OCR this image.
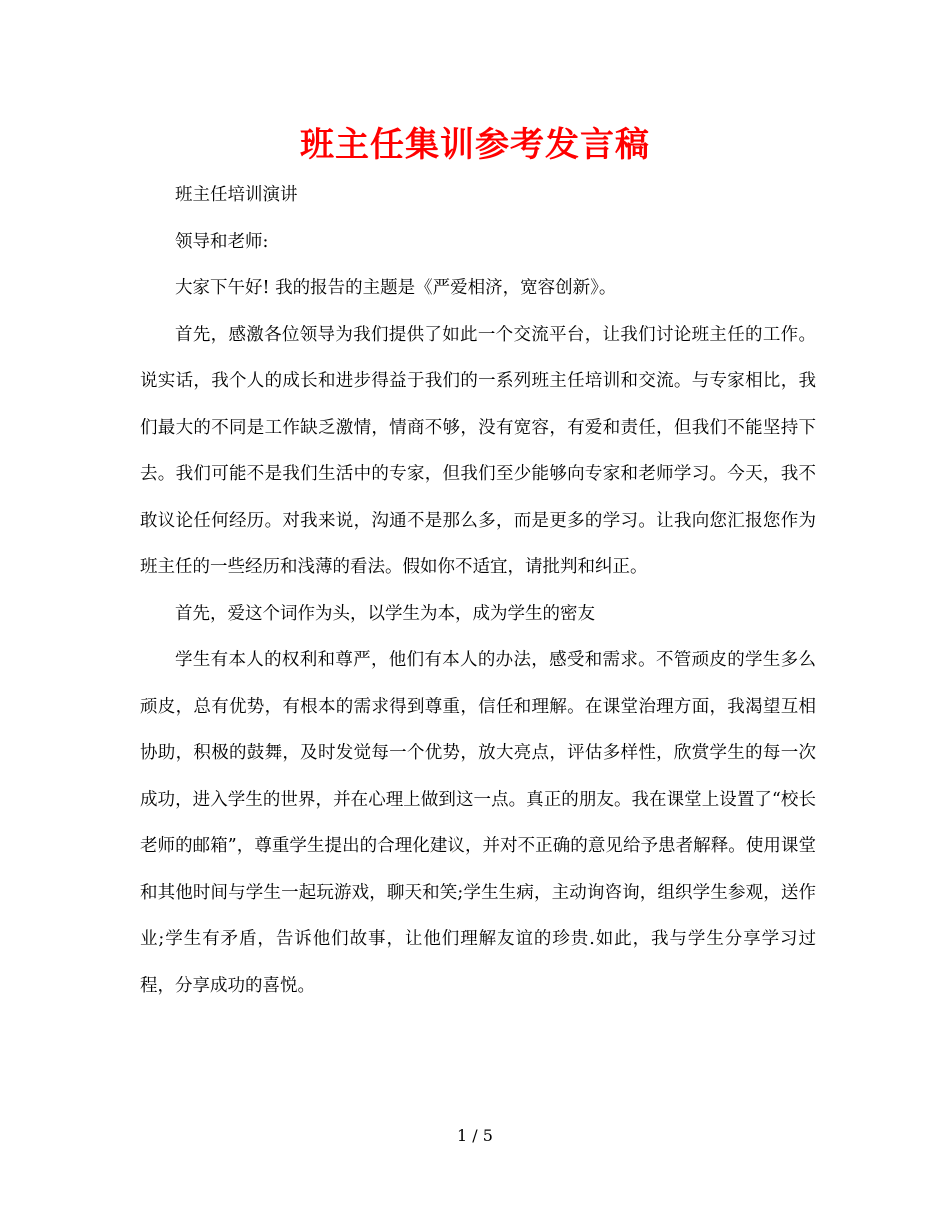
班主任集训参考发言稿

班主任培训演讲

领导和老师:

大家下午好! 我的报告的主题是《严爱相济，宽容创新》。

首先，感激各位领导为我们提供了如此一个交流平台，让我们讨论班主任的工作。说实话，我个人的成长和进步得益于我们的一系列班主任培训和交流。与专家相比，我们最大的不同是工作缺乏激情，情商不够，没有宽容，有爱和责任，但我们不能坚持下去。我们可能不是我们生活中的专家，但我们至少能够向专家和老师学习。今天，我不敢议论任何经历。对我来说，沟通不是那么多，而是更多的学习。让我向您汇报您作为班主任的一些经历和浅薄的看法。假如你不适宜，请批判和纠正。

首先，爱这个词作为头，以学生为本，成为学生的密友

学生有本人的权利和尊严，他们有本人的办法，感受和需求。不管顽皮的学生多么顽皮，总有优势，有根本的需求得到尊重，信任和理解。在课堂治理方面，我渴望互相协助，积极的鼓舞，及时发觉每一个优势，放大亮点，评估多样性，欣赏学生的每一次成功，进入学生的世界，并在心理上做到这一点。真正的朋友。我在课堂上设置了“校长老师的邮箱”，尊重学生提出的合理化建议，并对不正确的意见给予患者解释。使用课堂和其他时间与学生一起玩游戏，聊天和笑;学生生病，主动询咨询，组织学生参观，送作业;学生有矛盾，告诉他们故事，让他们理解友谊的珍贵.如此，我与学生分享学习过程，分享成功的喜悦。

1 / 5
